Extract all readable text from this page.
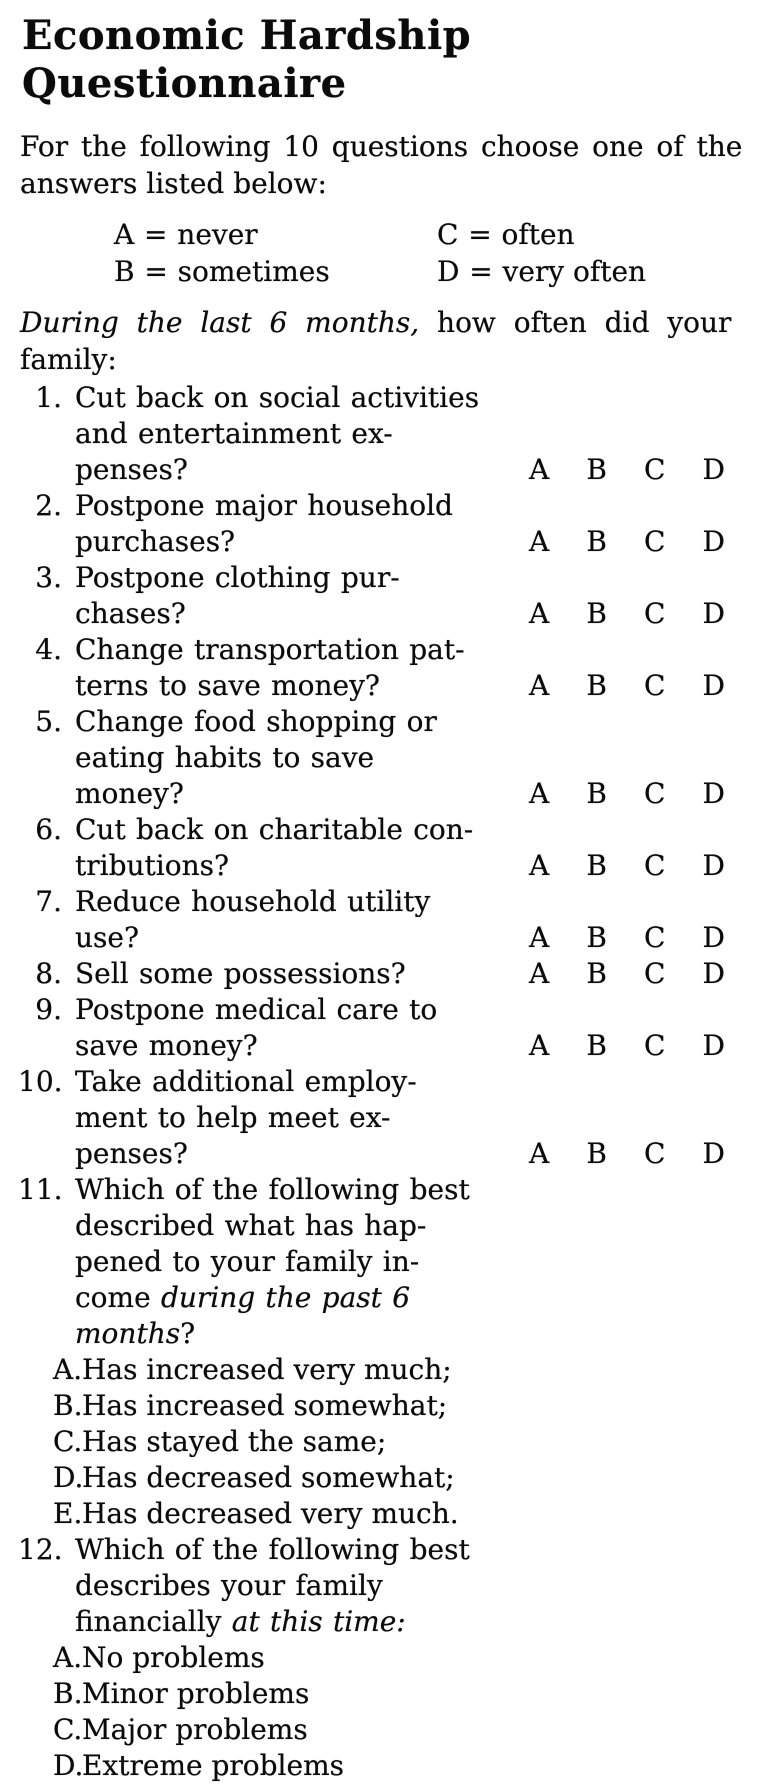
Economic Hardship Questionnaire
For the following 10 questions choose one of the
answers listed below:
A = never	C = often
B = sometimes	D = very often
During the last 6 months, how often did your
family:
1. Cut back on social activities
and entertainment ex-
penses?	A B C D
2. Postpone major household
purchases?	A B C D
3. Postpone clothing pur-
chases?	A B C D
4. Change transportation pat-
terns to save money?	A B C D
5. Change food shopping or
eating habits to save
money?	A B C D
6. Cut back on charitable con-
tributions?	A B C D
7. Reduce household utility
use?	A B C D
8. Sell some possessions?	A B C D
9. Postpone medical care to
save money?	A B C D
10. Take additional employ-
ment to help meet ex-
penses?	A B C D
11. Which of the following best
described what has hap-
pened to your family in-
come during the past 6
months?
A. Has increased very much;
B. Has increased somewhat;
C. Has stayed the same;
D.
Has decreased somewhat;
E. Has decreased very much.
12. Which of the following best
describes your family
financially at this time:
A. No problems
B. Minor problems
C. Major problems
D.
Extreme problems
